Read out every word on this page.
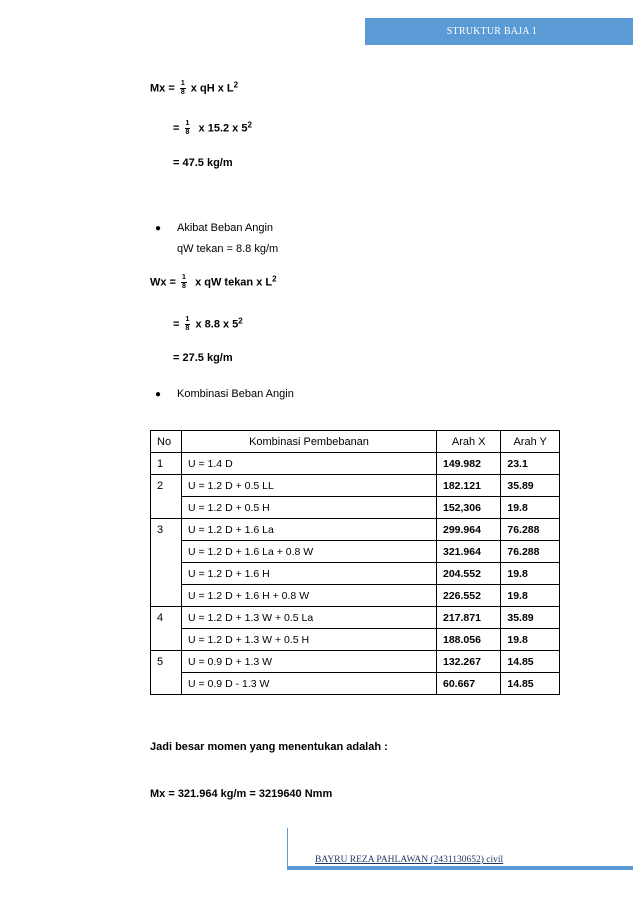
STRUKTUR BAJA 1
$Mx = \frac{1}{8}$ x qH x $L^2$
= $\frac{1}{8}$ x 15.2 x $5^2$
= 47.5 kg/m
● Akibat Beban Angin
qW tekan = 8.8 kg/m
$Wx = \frac{1}{8}$ x qW tekan x $L^2$
= $\frac{1}{8}$ x 8.8 x $5^2$
= 27.5 kg/m
● Kombinasi Beban Angin
No	Kombinasi Pembebanan	Arah X	Arah Y
1	U = 1.4 D	149.982	23.1
2	U = 1.2 D + 0.5 LL	182.121	35.89
	U = 1.2 D + 0.5 H	152,306	19.8
3	U = 1.2 D + 1.6 La	299.964	76.288
	U = 1.2 D + 1.6 La + 0.8 W	321.964	76.288
	U = 1.2 D + 1.6 H	204.552	19.8
	U = 1.2 D + 1.6 H + 0.8 W	226.552	19.8
4	U = 1.2 D + 1.3 W + 0.5 La	217.871	35.89
	U = 1.2 D + 1.3 W + 0.5 H	188.056	19.8
5	U = 0.9 D + 1.3 W	132.267	14.85
	U = 0.9 D - 1.3 W	60.667	14.85
Jadi besar momen yang menentukan adalah :
Mx = 321.964 kg/m = 3219640 Nmm
BAYRU REZA PAHLAWAN (2431130652) civil
